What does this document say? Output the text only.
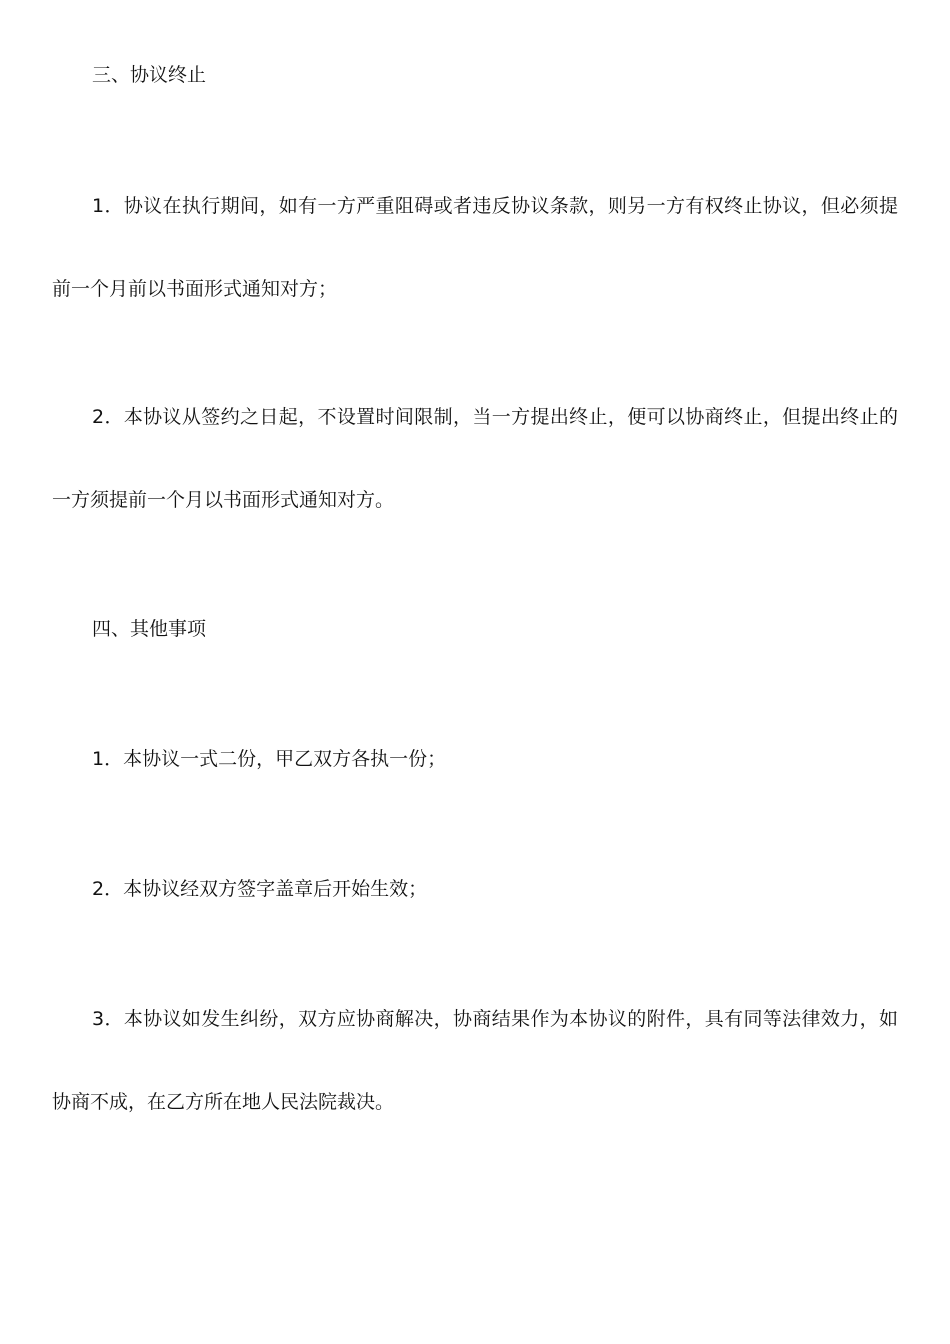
三、协议终止

1．协议在执行期间，如有一方严重阻碍或者违反协议条款，则另一方有权终止协议，但必须提前一个月前以书面形式通知对方；

2．本协议从签约之日起，不设置时间限制，当一方提出终止，便可以协商终止，但提出终止的一方须提前一个月以书面形式通知对方。

四、其他事项

1．本协议一式二份，甲乙双方各执一份；

2．本协议经双方签字盖章后开始生效；

3．本协议如发生纠纷，双方应协商解决，协商结果作为本协议的附件，具有同等法律效力，如协商不成，在乙方所在地人民法院裁决。
